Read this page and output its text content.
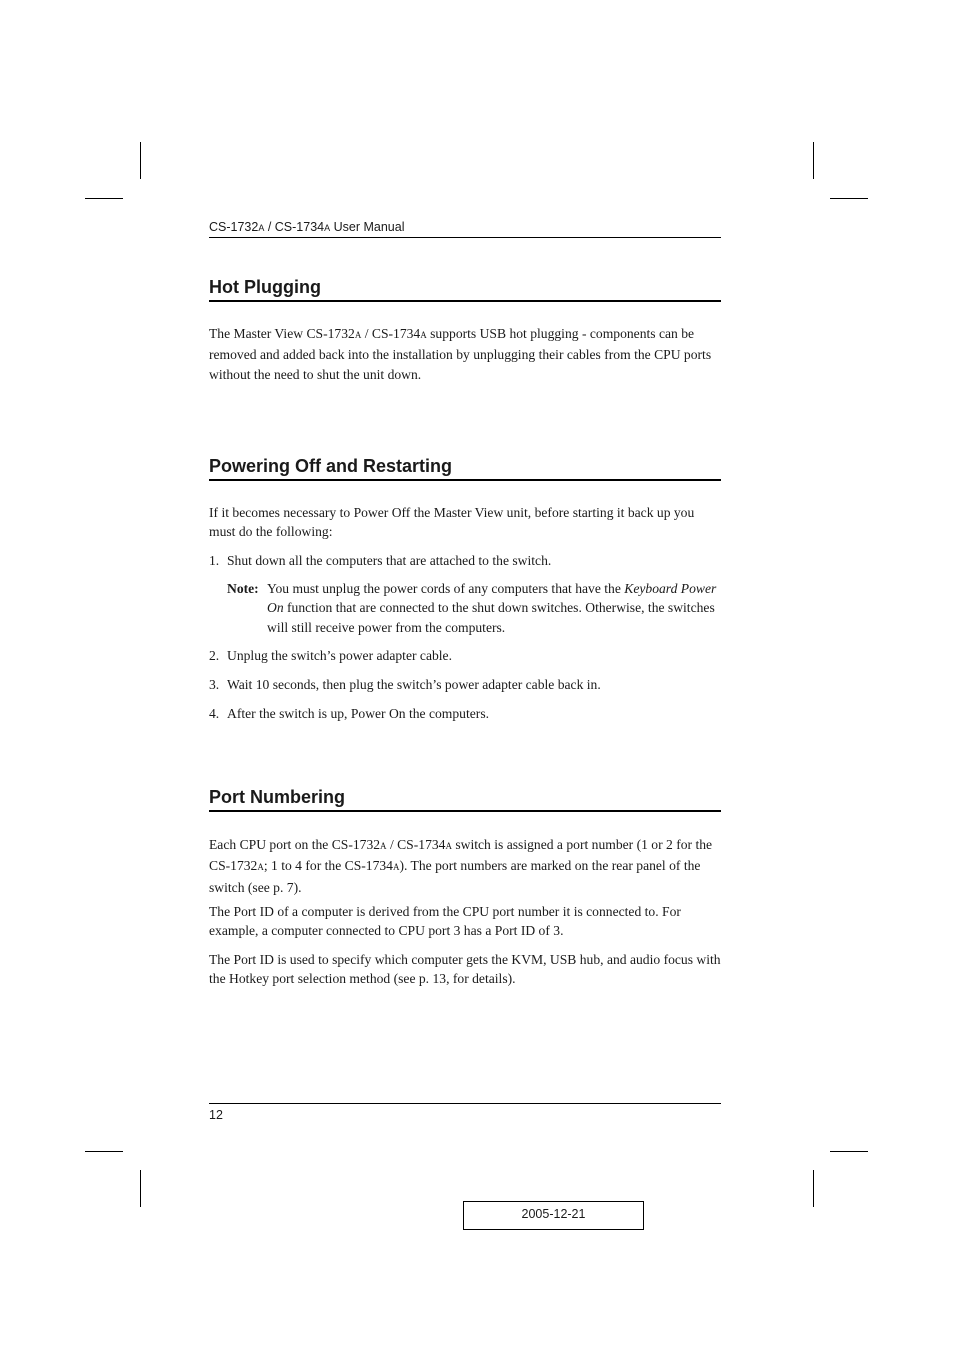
CS-1732A / CS-1734A User Manual
Hot Plugging

The Master View CS-1732A / CS-1734A supports USB hot plugging - components can be removed and added back into the installation by unplugging their cables from the CPU ports without the need to shut the unit down.

Powering Off and Restarting

If it becomes necessary to Power Off the Master View unit, before starting it back up you must do the following:

1. Shut down all the computers that are attached to the switch.

Note: You must unplug the power cords of any computers that have the Keyboard Power On function that are connected to the shut down switches. Otherwise, the switches will still receive power from the computers.

2. Unplug the switch’s power adapter cable.

3. Wait 10 seconds, then plug the switch’s power adapter cable back in.

4. After the switch is up, Power On the computers.

Port Numbering

Each CPU port on the CS-1732A / CS-1734A switch is assigned a port number (1 or 2 for the CS-1732A; 1 to 4 for the CS-1734A). The port numbers are marked on the rear panel of the switch (see p. 7).

The Port ID of a computer is derived from the CPU port number it is connected to. For example, a computer connected to CPU port 3 has a Port ID of 3.

The Port ID is used to specify which computer gets the KVM, USB hub, and audio focus with the Hotkey port selection method (see p. 13, for details).

12
2005-12-21
